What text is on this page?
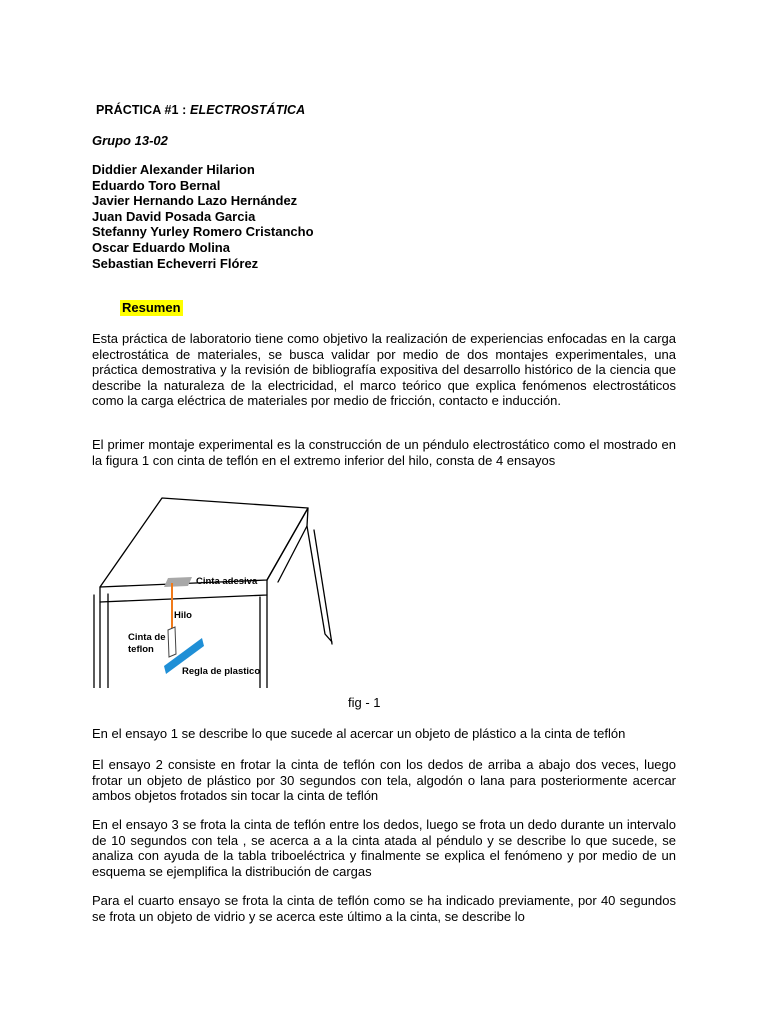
PRÁCTICA #1 : ELECTROSTÁTICA
Grupo 13-02
Diddier Alexander Hilarion
Eduardo Toro Bernal
Javier Hernando Lazo Hernández
Juan David Posada Garcia
Stefanny Yurley Romero Cristancho
Oscar Eduardo Molina
Sebastian Echeverri Flórez
Resumen

Esta práctica de laboratorio tiene como objetivo la realización de experiencias enfocadas en la carga electrostática de materiales, se busca validar por medio de dos montajes experimentales, una práctica demostrativa y la revisión de bibliografía expositiva del desarrollo histórico de la ciencia que describe la naturaleza de la electricidad, el marco teórico que explica fenómenos electrostáticos como la carga eléctrica de materiales por medio de fricción, contacto e inducción.

El primer montaje experimental es la construcción de un péndulo electrostático como el mostrado en la figura 1 con cinta de teflón en el extremo inferior del hilo, consta de 4 ensayos

Cinta adesiva
Hilo
Cinta de
teflon
Regla de plastico
fig - 1

En el ensayo 1 se describe lo que sucede al acercar un objeto de plástico a la cinta de teflón

El ensayo 2 consiste en frotar la cinta de teflón con los dedos de arriba a abajo dos veces, luego frotar un objeto de plástico por 30 segundos con tela, algodón o lana para posteriormente acercar ambos objetos frotados sin tocar la cinta de teflón

En el ensayo 3 se frota la cinta de teflón entre los dedos, luego se frota un dedo durante un intervalo de 10 segundos con tela , se acerca a a la cinta atada al péndulo y se describe lo que sucede, se analiza con ayuda de la tabla triboeléctrica y finalmente se explica el fenómeno y por medio de un esquema se ejemplifica la distribución de cargas

Para el cuarto ensayo se frota la cinta de teflón como se ha indicado previamente, por 40 segundos se frota un objeto de vidrio y se acerca este último a la cinta, se describe lo
